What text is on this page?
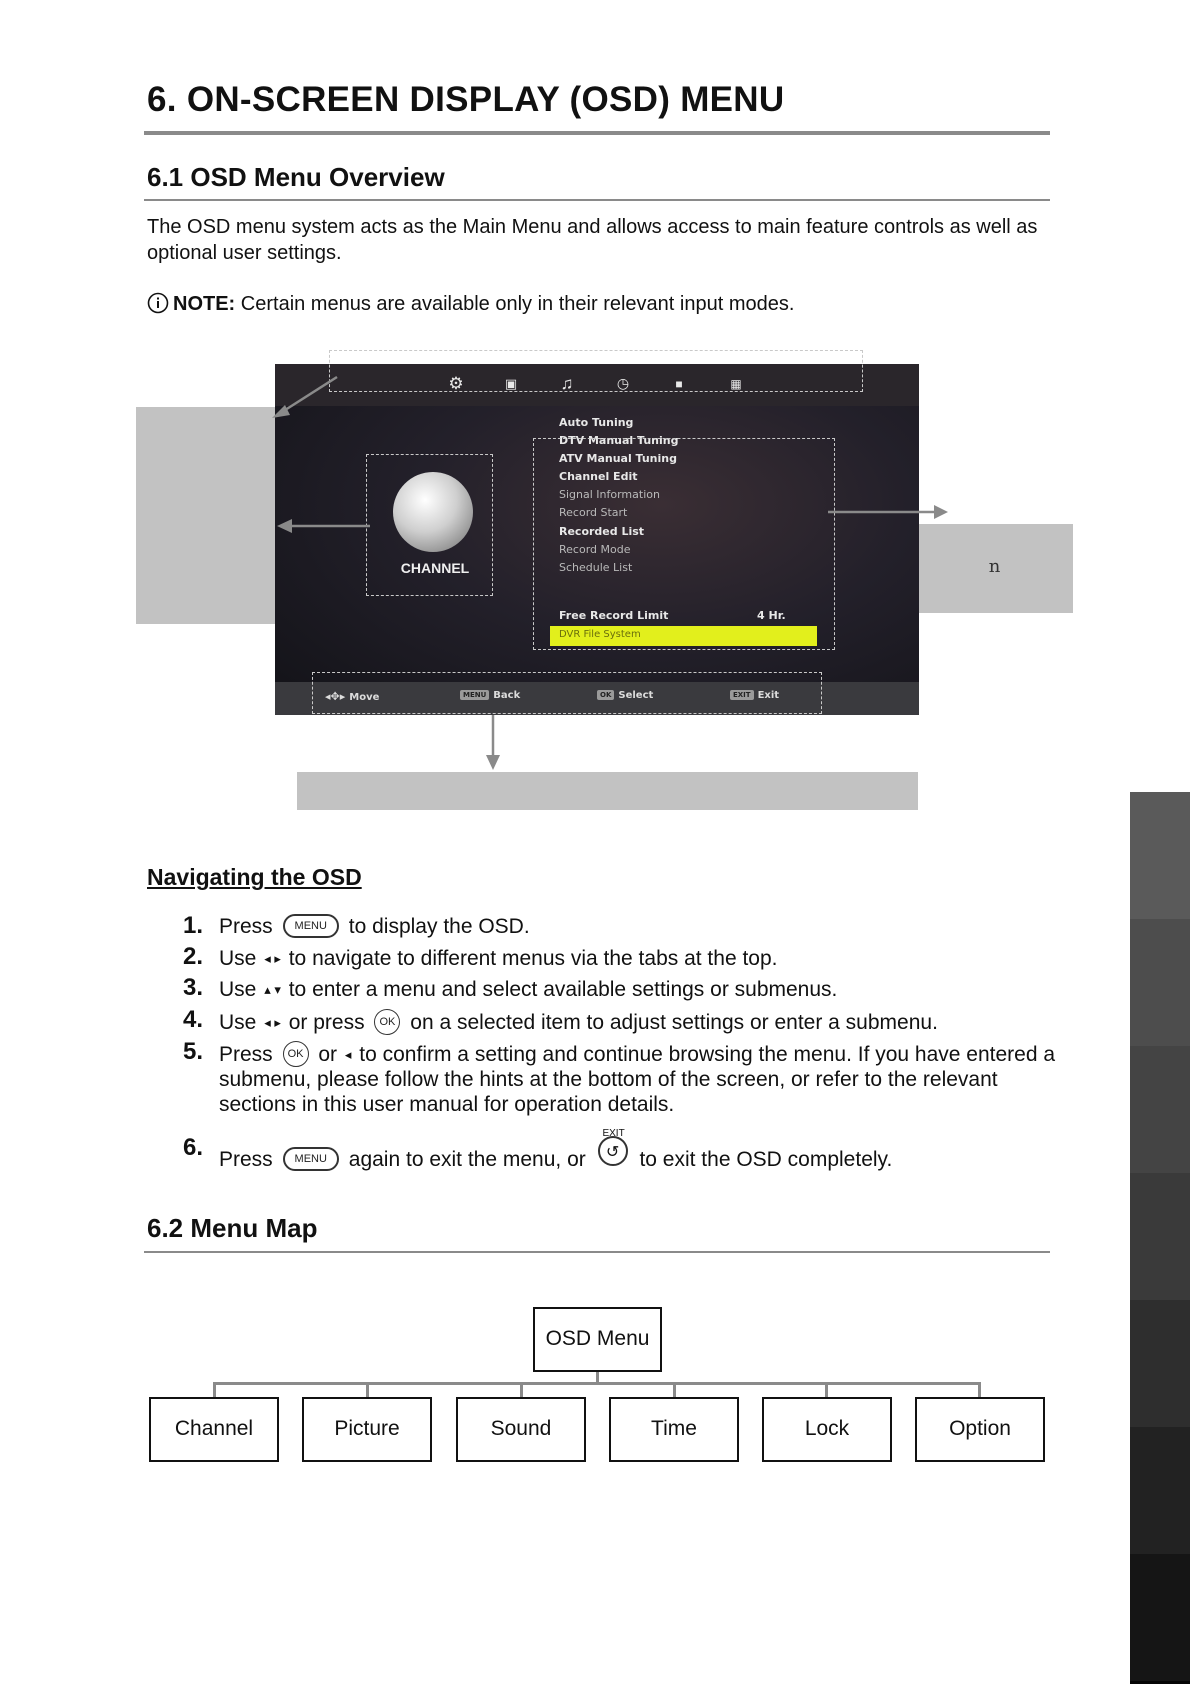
6. ON-SCREEN DISPLAY (OSD) MENU
6.1 OSD Menu Overview
The OSD menu system acts as the Main Menu and allows access to main feature controls as well as optional user settings.
NOTE: Certain menus are available only in their relevant input modes.
n
⚙	▣	♫	◷	■	▦
CHANNEL
Auto Tuning
DTV Manual Tuning
ATV Manual Tuning
Channel Edit
Signal Information
Record Start
Recorded List
Record Mode
Schedule List
Free Record Limit	4 Hr.
DVR File System
◂✥▸ Move	MENU Back	OK Select	EXIT Exit
Navigating the OSD
1. Press MENU to display the OSD.
2. Use ◂ ▸ to navigate to different menus via the tabs at the top.
3. Use ▴ ▾ to enter a menu and select available settings or submenus.
4. Use ◂ ▸ or press OK on a selected item to adjust settings or enter a submenu.
5. Press OK or ◂ to confirm a setting and continue browsing the menu. If you have entered a submenu, please follow the hints at the bottom of the screen, or refer to the relevant sections in this user manual for operation details.
6. Press MENU again to exit the menu, or
EXIT
↺ to exit the OSD completely.
6.2 Menu Map
OSD Menu
Channel	Picture	Sound	Time	Lock	Option
